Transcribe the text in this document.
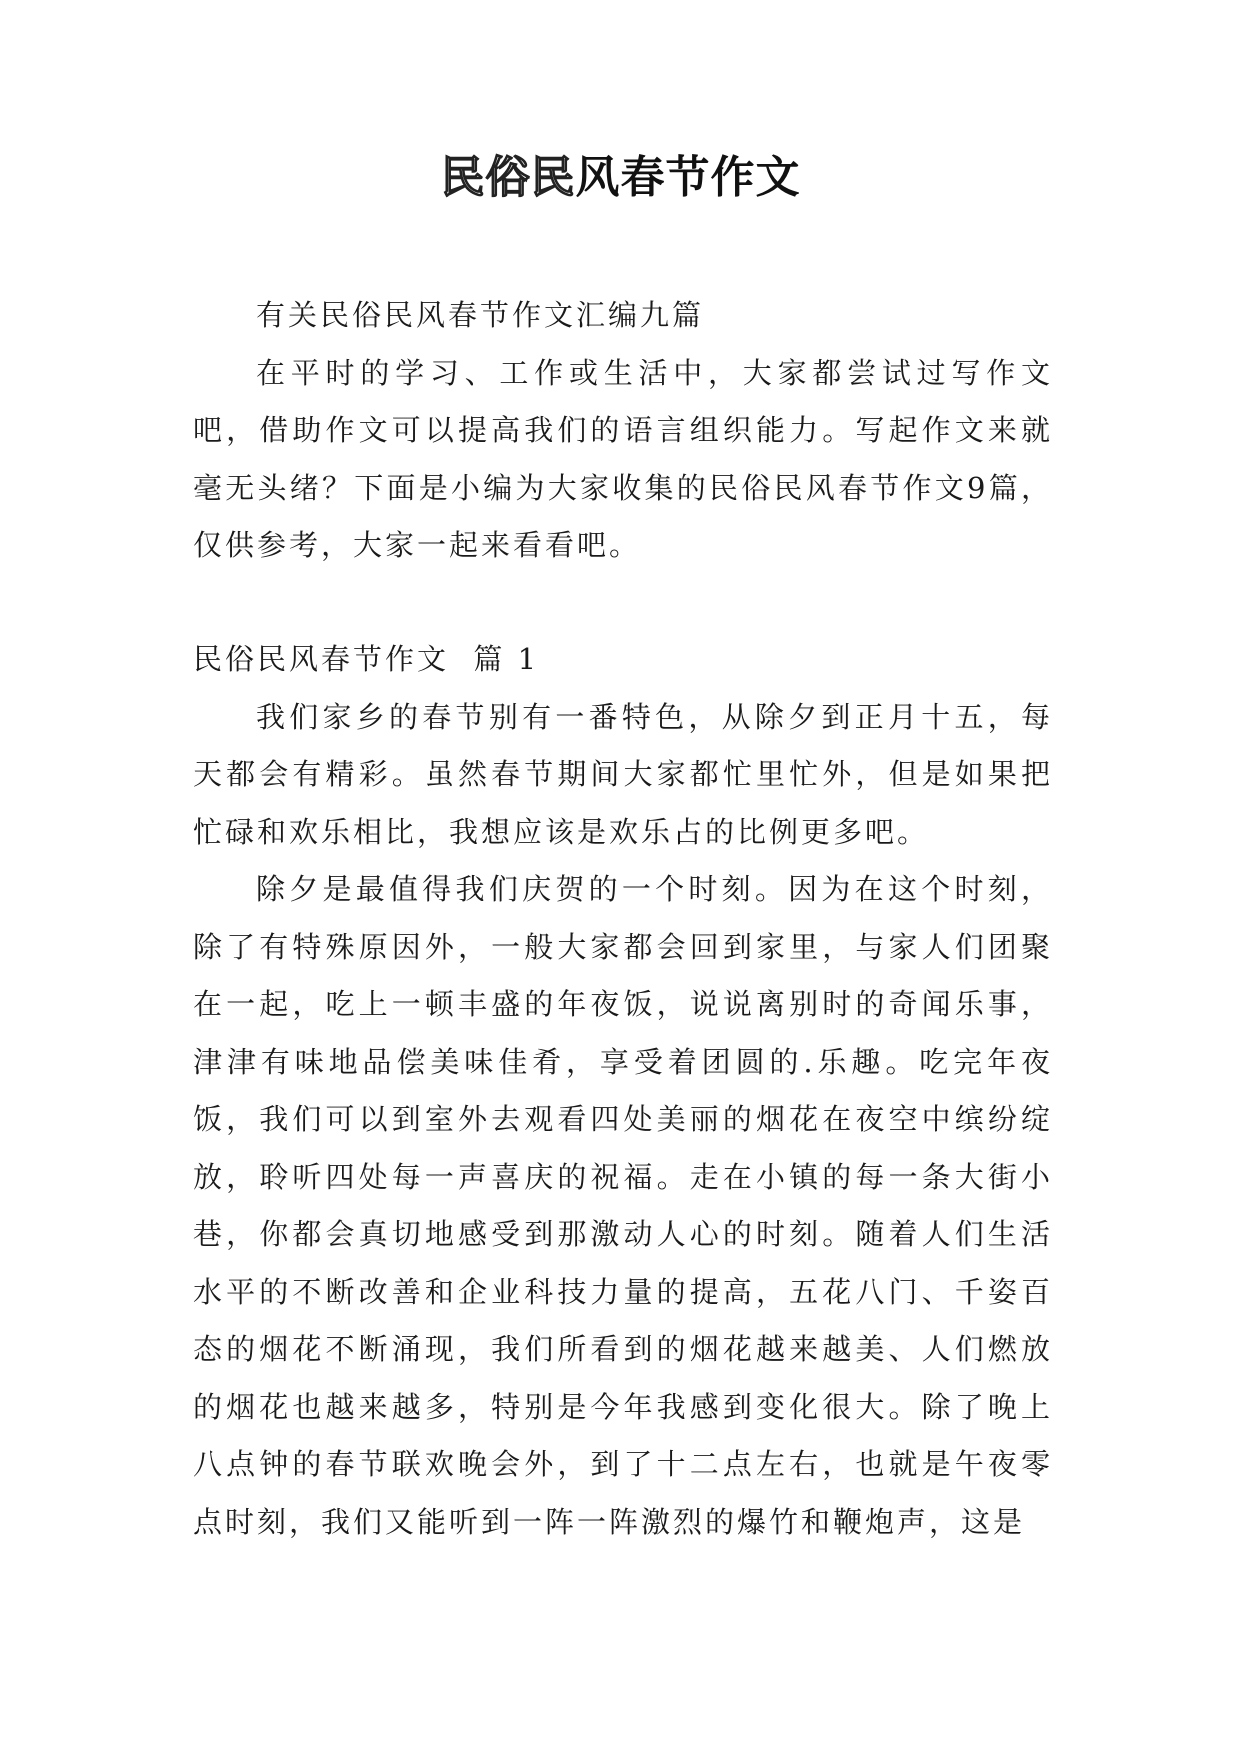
民俗民风春节作文

有关民俗民风春节作文汇编九篇

在平时的学习、工作或生活中，大家都尝试过写作文吧，借助作文可以提高我们的语言组织能力。写起作文来就毫无头绪？下面是小编为大家收集的民俗民风春节作文9篇，仅供参考，大家一起来看看吧。

民俗民风春节作文  篇 1

我们家乡的春节别有一番特色，从除夕到正月十五，每天都会有精彩。虽然春节期间大家都忙里忙外，但是如果把忙碌和欢乐相比，我想应该是欢乐占的比例更多吧。

除夕是最值得我们庆贺的一个时刻。因为在这个时刻，除了有特殊原因外，一般大家都会回到家里，与家人们团聚在一起，吃上一顿丰盛的年夜饭，说说离别时的奇闻乐事，津津有味地品偿美味佳肴，享受着团圆的.乐趣。吃完年夜饭，我们可以到室外去观看四处美丽的烟花在夜空中缤纷绽放，聆听四处每一声喜庆的祝福。走在小镇的每一条大街小巷，你都会真切地感受到那激动人心的时刻。随着人们生活水平的不断改善和企业科技力量的提高，五花八门、千姿百态的烟花不断涌现，我们所看到的烟花越来越美、人们燃放的烟花也越来越多，特别是今年我感到变化很大。除了晚上八点钟的春节联欢晚会外，到了十二点左右，也就是午夜零点时刻，我们又能听到一阵一阵激烈的爆竹和鞭炮声，这是
